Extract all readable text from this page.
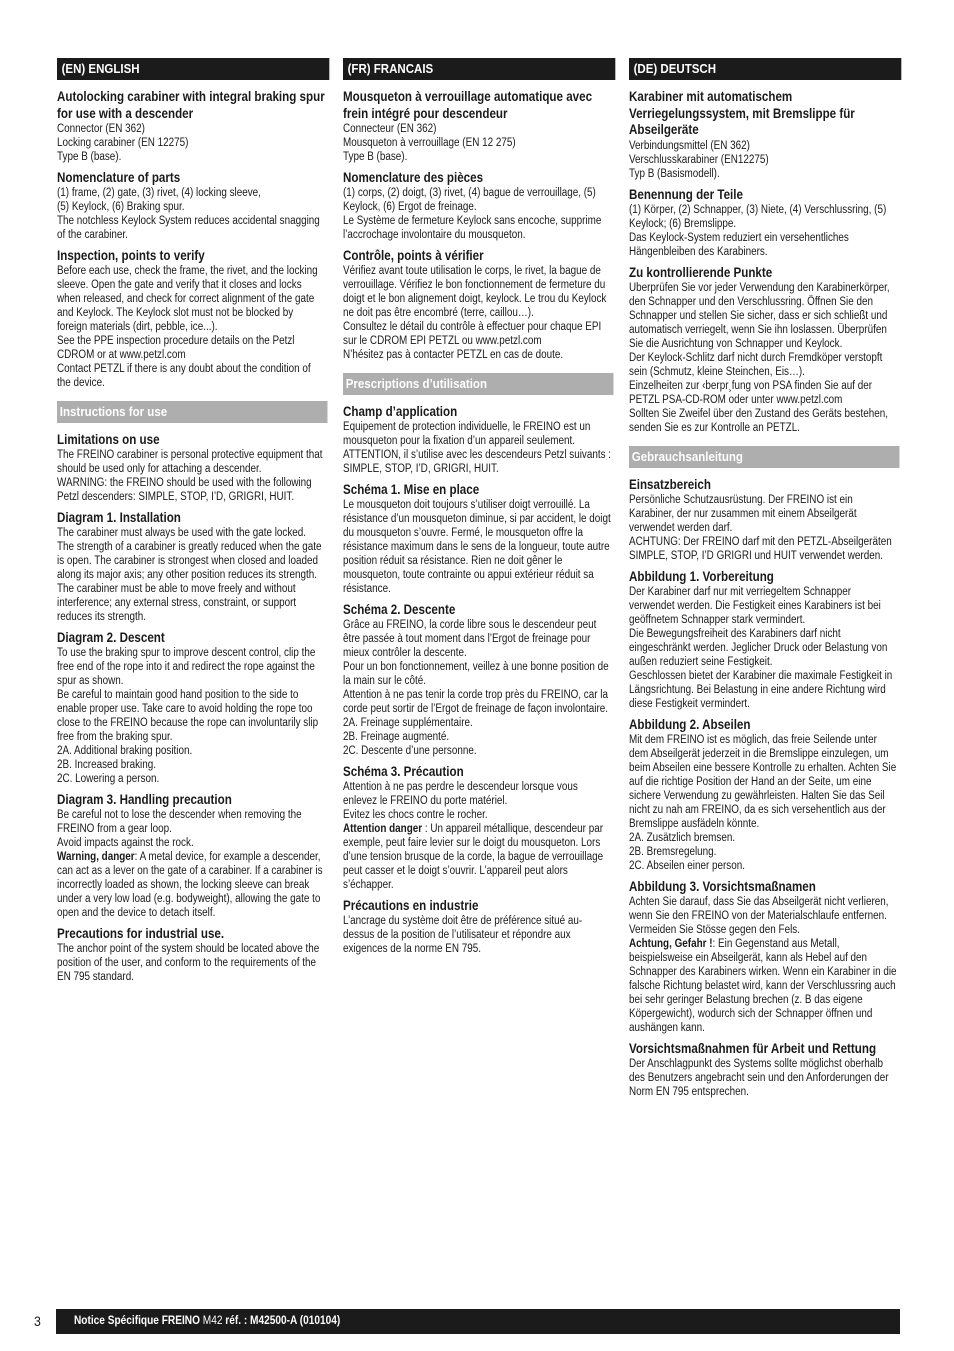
(EN) ENGLISH
Autolocking carabiner with integral braking spur for use with a descender

Connector (EN 362)
Locking carabiner (EN 12275)
Type B (base).

Nomenclature of parts

(1) frame, (2) gate, (3) rivet, (4) locking sleeve,
(5) Keylock, (6) Braking spur.
The notchless Keylock System reduces accidental snagging of the carabiner.

Inspection, points to verify

Before each use, check the frame, the rivet, and the locking sleeve. Open the gate and verify that it closes and locks when released, and check for correct alignment of the gate and Keylock. The Keylock slot must not be blocked by foreign materials (dirt, pebble, ice...).
See the PPE inspection procedure details on the Petzl CDROM or at www.petzl.com
Contact PETZL if there is any doubt about the condition of the device.

Instructions for use
Limitations on use

The FREINO carabiner is personal protective equipment that should be used only for attaching a descender.
WARNING: the FREINO should be used with the following Petzl descenders: SIMPLE, STOP, I’D, GRIGRI, HUIT.

Diagram 1. Installation

The carabiner must always be used with the gate locked. The strength of a carabiner is greatly reduced when the gate is open. The carabiner is strongest when closed and loaded along its major axis; any other position reduces its strength. The carabiner must be able to move freely and without interference; any external stress, constraint, or support reduces its strength.

Diagram 2. Descent

To use the braking spur to improve descent control, clip the free end of the rope into it and redirect the rope against the spur as shown.
Be careful to maintain good hand position to the side to enable proper use. Take care to avoid holding the rope too close to the FREINO because the rope can involuntarily slip free from the braking spur.
2A. Additional braking position.
2B. Increased braking.
2C. Lowering a person.

Diagram 3. Handling precaution

Be careful not to lose the descender when removing the FREINO from a gear loop.
Avoid impacts against the rock.
Warning, danger: A metal device, for example a descender, can act as a lever on the gate of a carabiner. If a carabiner is incorrectly loaded as shown, the locking sleeve can break under a very low load (e.g. bodyweight), allowing the gate to open and the device to detach itself.

Precautions for industrial use.

The anchor point of the system should be located above the position of the user, and conform to the requirements of the EN 795 standard.

(FR) FRANCAIS
Mousqueton à verrouillage automatique avec frein intégré pour descendeur

Connecteur (EN 362)
Mousqueton à verrouillage (EN 12 275)
Type B (base).

Nomenclature des pièces

(1) corps, (2) doigt, (3) rivet, (4) bague de verrouillage, (5) Keylock, (6) Ergot de freinage.
Le Système de fermeture Keylock sans encoche, supprime l’accrochage involontaire du mousqueton.

Contrôle, points à vérifier

Vérifiez avant toute utilisation le corps, le rivet, la bague de verrouillage. Vérifiez le bon fonctionnement de fermeture du doigt et le bon alignement doigt, keylock. Le trou du Keylock ne doit pas être encombré (terre, caillou…).
Consultez le détail du contrôle à effectuer pour chaque EPI sur le CDROM EPI PETZL ou www.petzl.com
N’hésitez pas à contacter PETZL en cas de doute.

Prescriptions d’utilisation
Champ d’application

Equipement de protection individuelle, le FREINO est un mousqueton pour la fixation d’un appareil seulement.
ATTENTION, il s’utilise avec les descendeurs Petzl suivants : SIMPLE, STOP, I’D, GRIGRI, HUIT.

Schéma 1. Mise en place

Le mousqueton doit toujours s’utiliser doigt verrouillé. La résistance d’un mousqueton diminue, si par accident, le doigt du mousqueton s’ouvre. Fermé, le mousqueton offre la résistance maximum dans le sens de la longueur, toute autre position réduit sa résistance. Rien ne doit gêner le mousqueton, toute contrainte ou appui extérieur réduit sa résistance.

Schéma 2. Descente

Grâce au FREINO, la corde libre sous le descendeur peut être passée à tout moment dans l’Ergot de freinage pour mieux contrôler la descente.
Pour un bon fonctionnement, veillez à une bonne position de la main sur le côté.
Attention à ne pas tenir la corde trop près du FREINO, car la corde peut sortir de l’Ergot de freinage de façon involontaire.
2A. Freinage supplémentaire.
2B. Freinage augmenté.
2C. Descente d’une personne.

Schéma 3. Précaution

Attention à ne pas perdre le descendeur lorsque vous enlevez le FREINO du porte matériel.
Evitez les chocs contre le rocher.
Attention danger : Un appareil métallique, descendeur par exemple, peut faire levier sur le doigt du mousqueton. Lors d’une tension brusque de la corde, la bague de verrouillage peut casser et le doigt s’ouvrir. L’appareil peut alors s’échapper.

Précautions en industrie

L’ancrage du système doit être de préférence situé au-dessus de la position de l’utilisateur et répondre aux exigences de la norme EN 795.

(DE) DEUTSCH
Karabiner mit automatischem Verriegelungssystem, mit Bremslippe für Abseilgeräte

Verbindungsmittel (EN 362)
Verschlusskarabiner (EN12275)
Typ B (Basismodell).

Benennung der Teile

(1) Körper, (2) Schnapper, (3) Niete, (4) Verschlussring, (5) Keylock; (6) Bremslippe.
Das Keylock-System reduziert ein versehentliches Hängenbleiben des Karabiners.

Zu kontrollierende Punkte

Überprüfen Sie vor jeder Verwendung den Karabinerkörper, den Schnapper und den Verschlussring. Öffnen Sie den Schnapper und stellen Sie sicher, dass er sich schließt und automatisch verriegelt, wenn Sie ihn loslassen. Überprüfen Sie die Ausrichtung von Schnapper und Keylock.
Der Keylock-Schlitz darf nicht durch Fremdköper verstopft sein (Schmutz, kleine Steinchen, Eis…).
Einzelheiten zur ‹berpr¸fung von PSA finden Sie auf der PETZL PSA-CD-ROM oder unter www.petzl.com
Sollten Sie Zweifel über den Zustand des Geräts bestehen, senden Sie es zur Kontrolle an PETZL.

Gebrauchsanleitung
Einsatzbereich

Persönliche Schutzausrüstung. Der FREINO ist ein Karabiner, der nur zusammen mit einem Abseilgerät verwendet werden darf.
ACHTUNG: Der FREINO darf mit den PETZL-Abseilgeräten SIMPLE, STOP, I’D GRIGRI und HUIT verwendet werden.

Abbildung 1. Vorbereitung

Der Karabiner darf nur mit verriegeltem Schnapper verwendet werden. Die Festigkeit eines Karabiners ist bei geöffnetem Schnapper stark vermindert.
Die Bewegungsfreiheit des Karabiners darf nicht eingeschränkt werden. Jeglicher Druck oder Belastung von außen reduziert seine Festigkeit.
Geschlossen bietet der Karabiner die maximale Festigkeit in Längsrichtung. Bei Belastung in eine andere Richtung wird diese Festigkeit vermindert.

Abbildung 2. Abseilen

Mit dem FREINO ist es möglich, das freie Seilende unter dem Abseilgerät jederzeit in die Bremslippe einzulegen, um beim Abseilen eine bessere Kontrolle zu erhalten. Achten Sie auf die richtige Position der Hand an der Seite, um eine sichere Verwendung zu gewährleisten. Halten Sie das Seil nicht zu nah am FREINO, da es sich versehentlich aus der Bremslippe ausfädeln könnte.
2A. Zusätzlich bremsen.
2B. Bremsregelung.
2C. Abseilen einer person.

Abbildung 3. Vorsichtsmaßnamen

Achten Sie darauf, dass Sie das Abseilgerät nicht verlieren, wenn Sie den FREINO von der Materialschlaufe entfernen.
Vermeiden Sie Stösse gegen den Fels.
Achtung, Gefahr !: Ein Gegenstand aus Metall, beispielsweise ein Abseilgerät, kann als Hebel auf den Schnapper des Karabiners wirken. Wenn ein Karabiner in die falsche Richtung belastet wird, kann der Verschlussring auch bei sehr geringer Belastung brechen (z. B das eigene Köpergewicht), wodurch sich der Schnapper öffnen und aushängen kann.

Vorsichtsmaßnahmen für Arbeit und Rettung

Der Anschlagpunkt des Systems sollte möglichst oberhalb des Benutzers angebracht sein und den Anforderungen der Norm EN 795 entsprechen.

3	Notice Spécifique FREINO M42 réf. : M42500-A (010104)
